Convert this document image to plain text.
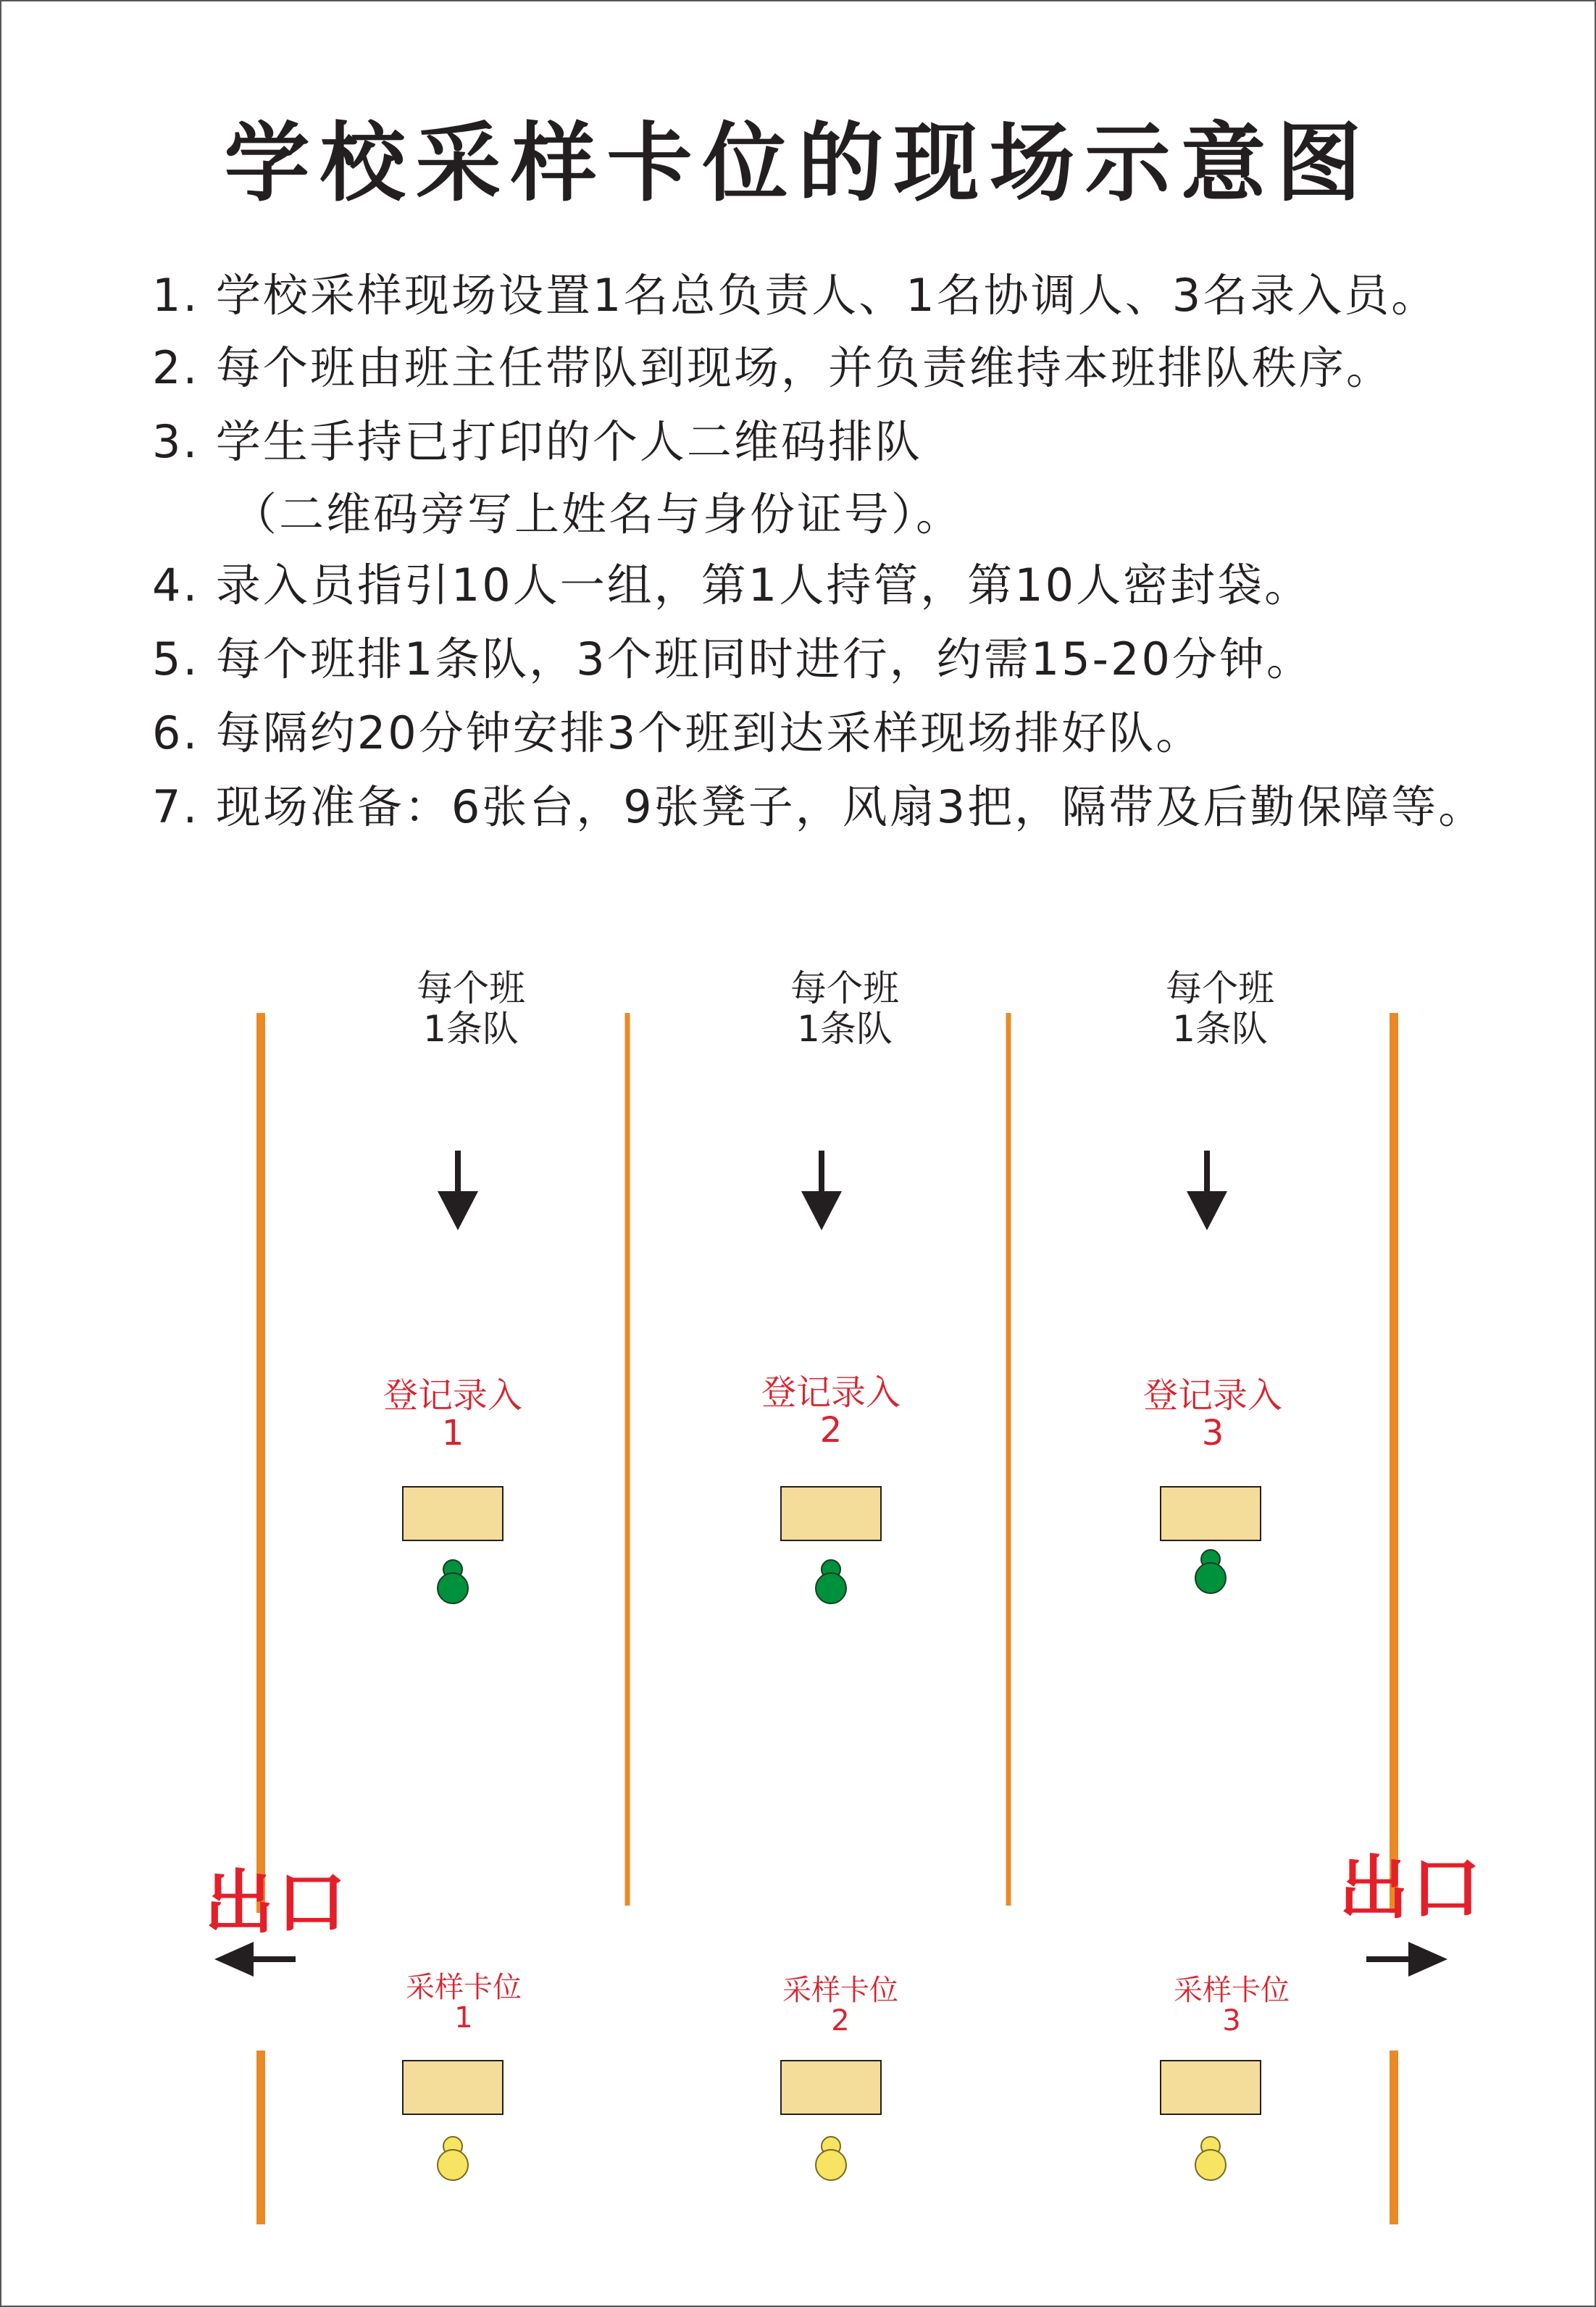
学校采样卡位的现场示意图
1. 学校采样现场设置1名总负责人、1名协调人、3名录入员。
2. 每个班由班主任带队到现场，并负责维持本班排队秩序。
3. 学生手持已打印的个人二维码排队
（二维码旁写上姓名与身份证号）。
4. 录入员指引10人一组，第1人持管，第10人密封袋。
5. 每个班排1条队，3个班同时进行，约需15-20分钟。
6. 每隔约20分钟安排3个班到达采样现场排好队。
7. 现场准备：6张台，9张凳子，风扇3把，隔带及后勤保障等。
每个班
1条队
每个班
1条队
每个班
1条队
登记录入
1
登记录入
2
登记录入
3
出口	出口
采样卡位
1
采样卡位
2
采样卡位
3
